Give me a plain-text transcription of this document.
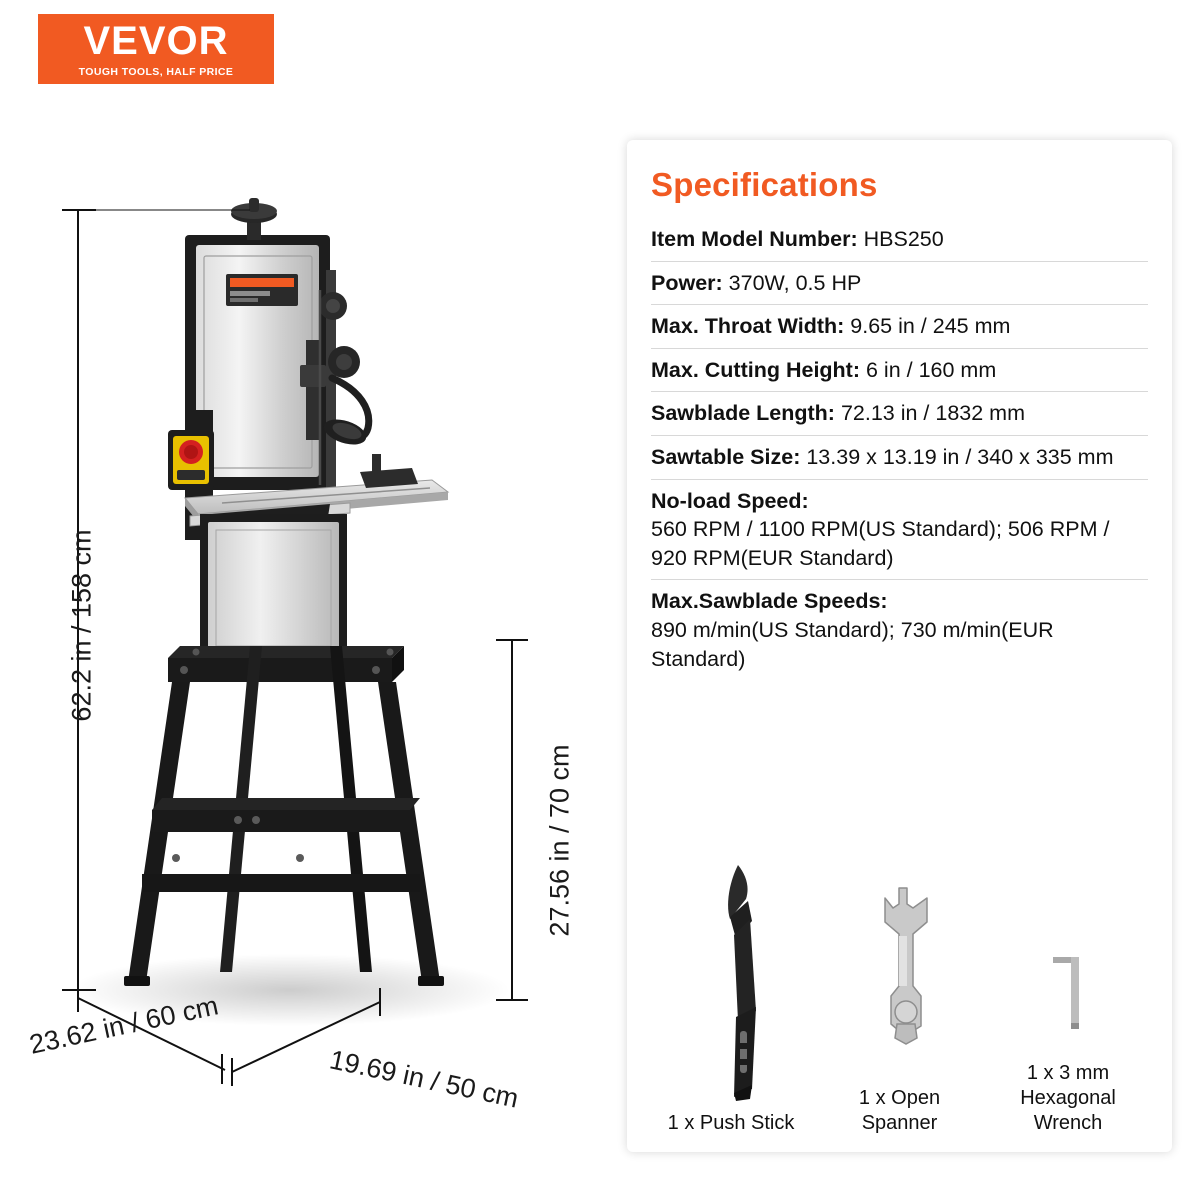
VEVOR
TOUGH TOOLS, HALF PRICE
62.2 in / 158 cm
27.56 in / 70 cm
23.62 in / 60 cm
19.69 in / 50 cm
Specifications
Item Model Number: HBS250
Power: 370W, 0.5 HP
Max. Throat Width: 9.65 in / 245 mm
Max. Cutting Height: 6 in / 160 mm
Sawblade Length: 72.13 in / 1832 mm
Sawtable Size: 13.39 x 13.19 in / 340 x 335 mm
No-load Speed:
560 RPM / 1100 RPM(US Standard); 506 RPM / 920 RPM(EUR Standard)
Max.Sawblade Speeds:
890 m/min(US Standard); 730 m/min(EUR Standard)
1 x Push Stick
1 x Open Spanner
1 x 3 mm Hexagonal Wrench
